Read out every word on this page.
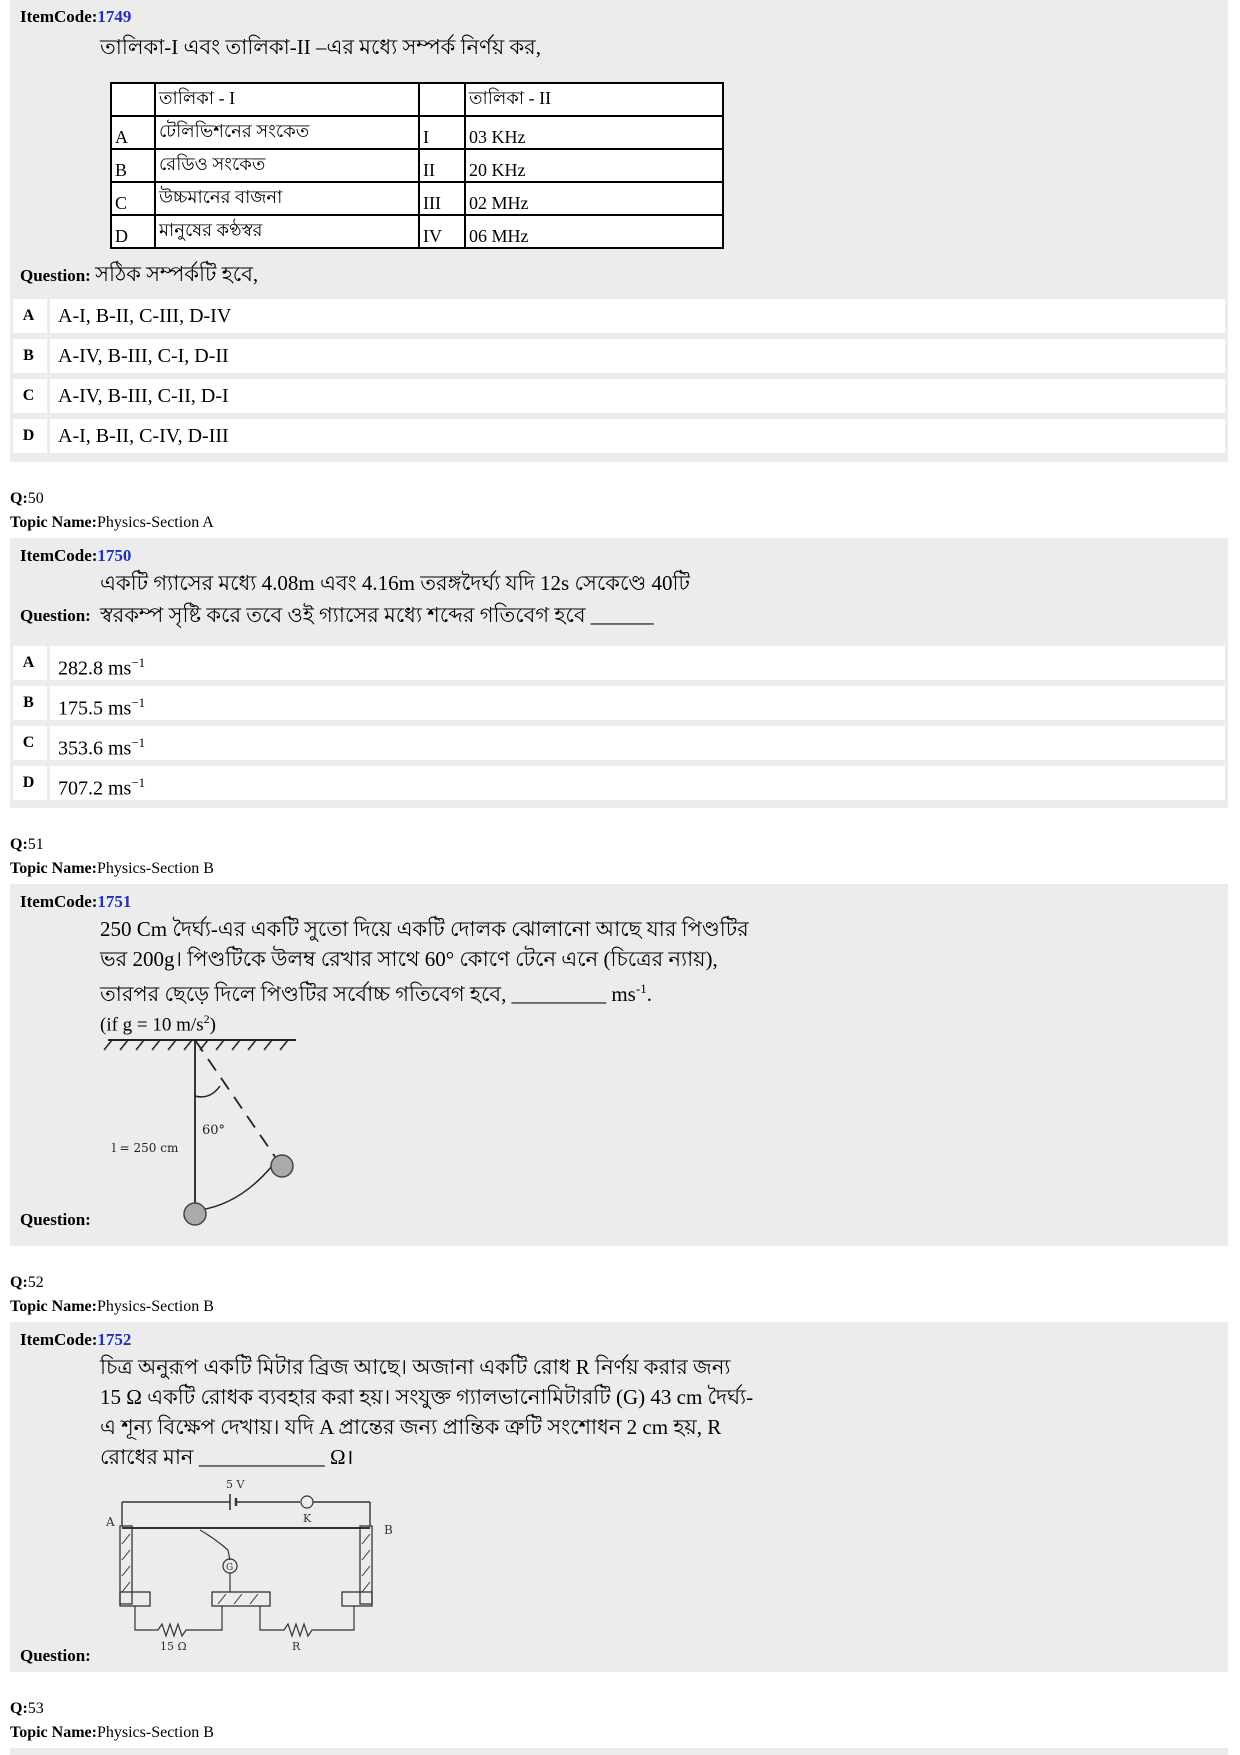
ItemCode:1749
তালিকা-I এবং তালিকা-II –এর মধ্যে সম্পর্ক নির্ণয় কর,
	তালিকা - I		তালিকা - II
A	টেলিভিশনের সংকেত	I	03 KHz
B	রেডিও সংকেত	II	20 KHz
C	উচ্চমানের বাজনা	III	02 MHz
D	মানুষের কণ্ঠস্বর	IV	06 MHz
Question: সঠিক সম্পর্কটি হবে,
A	A-I, B-II, C-III, D-IV
B	A-IV, B-III, C-I, D-II
C	A-IV, B-III, C-II, D-I
D	A-I, B-II, C-IV, D-III
Q:50
Topic Name:Physics-Section A
ItemCode:1750
একটি গ্যাসের মধ্যে 4.08m এবং 4.16m তরঙ্গদৈর্ঘ্য যদি 12s সেকেণ্ডে 40টি
Question: স্বরকম্প সৃষ্টি করে তবে ওই গ্যাসের মধ্যে শব্দের গতিবেগ হবে ______
A	282.8 $ms^{-1}$
B	175.5 $ms^{-1}$
C	353.6 $ms^{-1}$
D	707.2 $ms^{-1}$
Q:51
Topic Name:Physics-Section B
ItemCode:1751
250 Cm দৈর্ঘ্য-এর একটি সুতো দিয়ে একটি দোলক ঝোলানো আছে যার পিণ্ডটির
ভর 200g। পিণ্ডটিকে উলম্ব রেখার সাথে 60° কোণে টেনে এনে (চিত্রের ন্যায়),
তারপর ছেড়ে দিলে পিণ্ডটির সর্বোচ্চ গতিবেগ হবে, _________ $ms^{-1}$.
(if g = 10 $m/s^2$)
60°
l = 250 cm
Question:
Q:52
Topic Name:Physics-Section B
ItemCode:1752
চিত্র অনুরূপ একটি মিটার ব্রিজ আছে। অজানা একটি রোধ R নির্ণয় করার জন্য
15 Ω একটি রোধক ব্যবহার করা হয়। সংযুক্ত গ্যালভানোমিটারটি (G) 43 cm দৈর্ঘ্য-
এ শূন্য বিক্ষেপ দেখায়। যদি A প্রান্তের জন্য প্রান্তিক ত্রুটি সংশোধন 2 cm হয়, R
রোধের মান ____________ Ω।
5 V
K
A
B
G
15 Ω	R
Question:
Q:53
Topic Name:Physics-Section B
